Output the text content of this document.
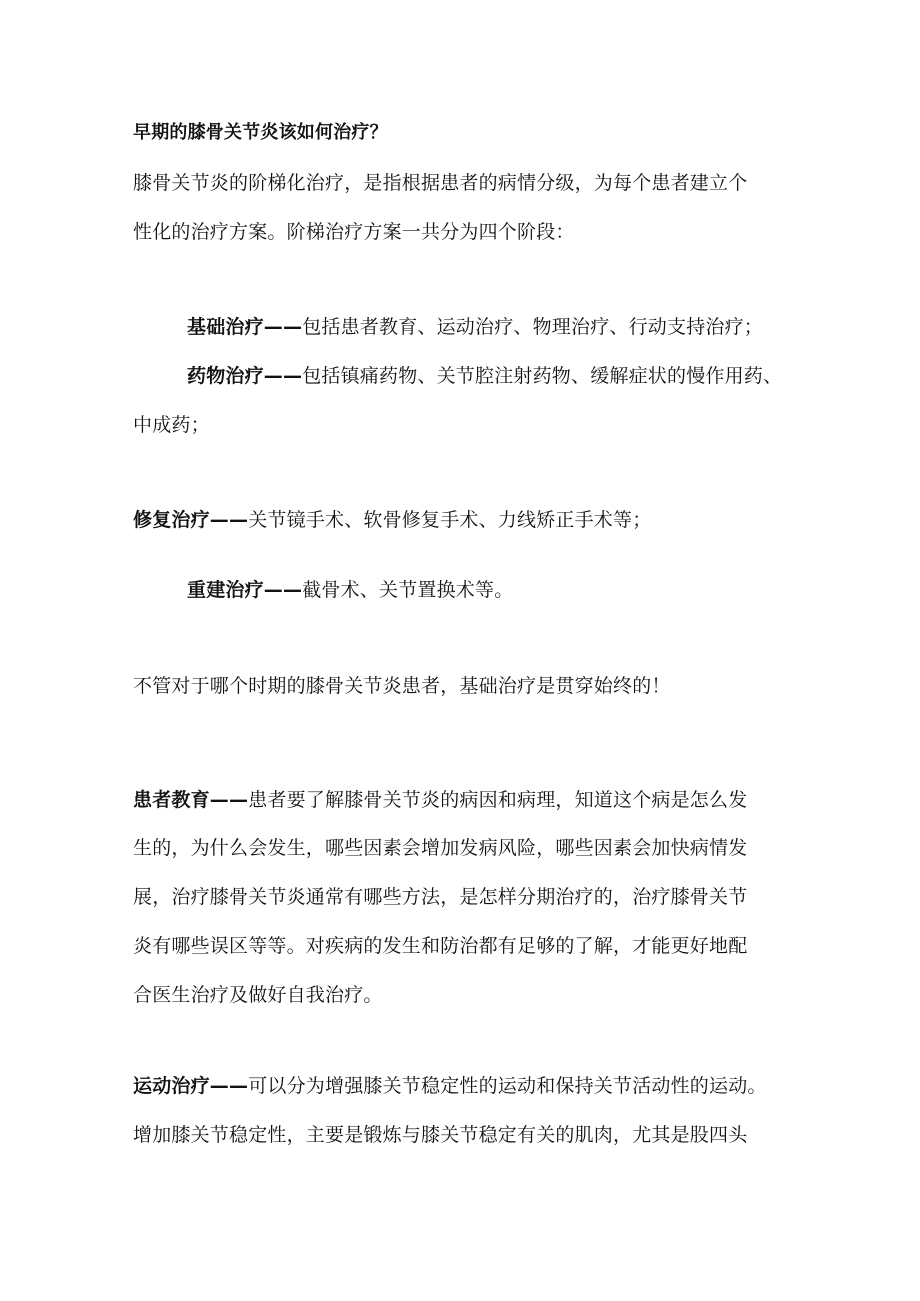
早期的膝骨关节炎该如何治疗？
膝骨关节炎的阶梯化治疗，是指根据患者的病情分级，为每个患者建立个
性化的治疗方案。阶梯治疗方案一共分为四个阶段：
基础治疗——包括患者教育、运动治疗、物理治疗、行动支持治疗；
药物治疗——包括镇痛药物、关节腔注射药物、缓解症状的慢作用药、
中成药；
修复治疗——关节镜手术、软骨修复手术、力线矫正手术等；
重建治疗——截骨术、关节置换术等。
不管对于哪个时期的膝骨关节炎患者，基础治疗是贯穿始终的！
患者教育——患者要了解膝骨关节炎的病因和病理，知道这个病是怎么发
生的，为什么会发生，哪些因素会增加发病风险，哪些因素会加快病情发
展，治疗膝骨关节炎通常有哪些方法，是怎样分期治疗的，治疗膝骨关节
炎有哪些误区等等。对疾病的发生和防治都有足够的了解，才能更好地配
合医生治疗及做好自我治疗。
运动治疗——可以分为增强膝关节稳定性的运动和保持关节活动性的运动。
增加膝关节稳定性，主要是锻炼与膝关节稳定有关的肌肉，尤其是股四头
